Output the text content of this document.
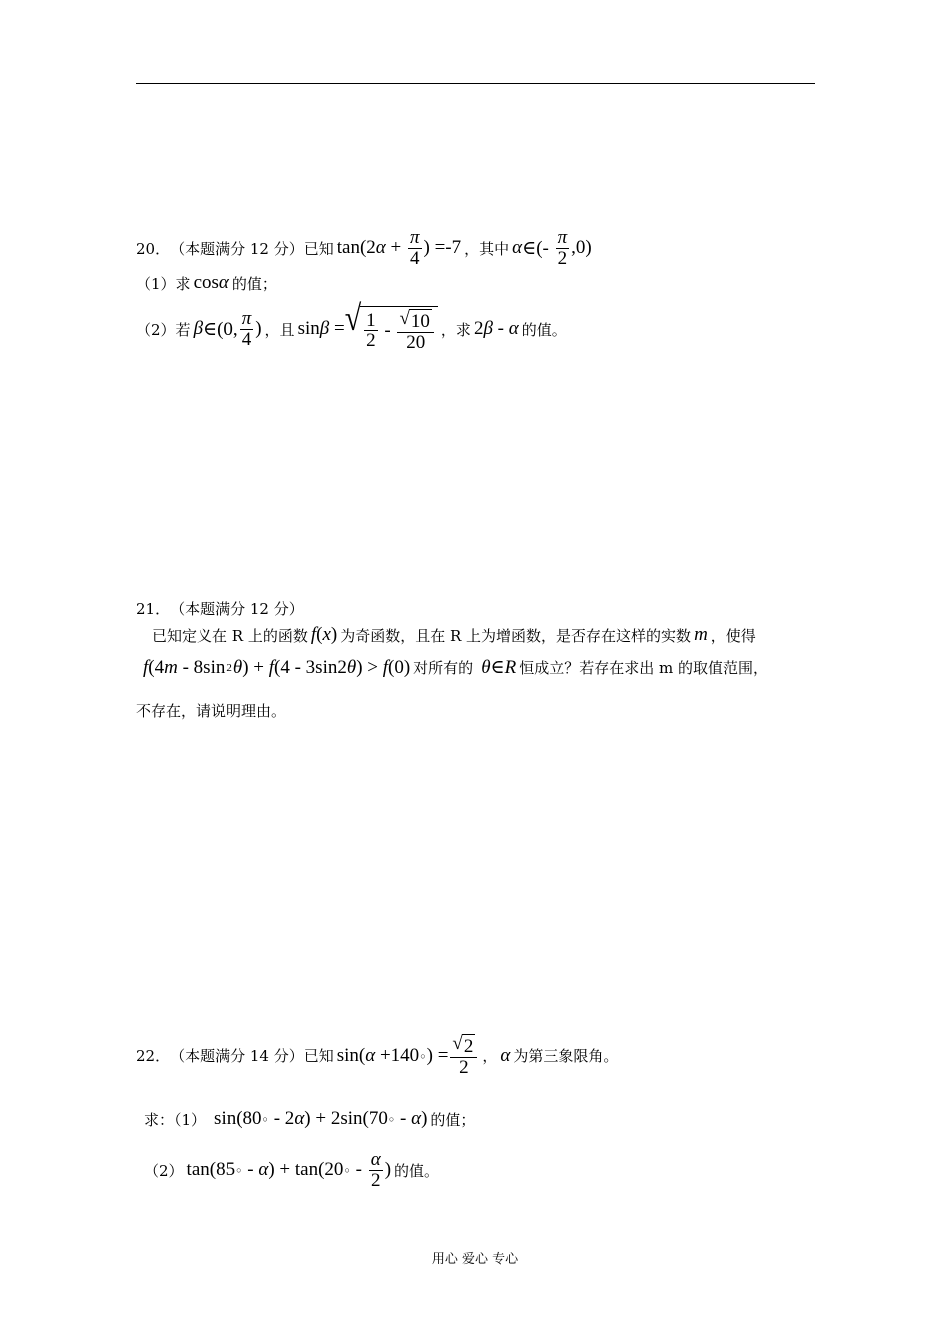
20． （本题满分 12 分） 已知 tan(2 $\alpha + \frac{\pi}{4}$ ) =-7 ，其中 α ∈(- $\frac{\pi}{2} ,0$)
（1） 求 cos α 的值；
（2） 若 β ∈(0, $\frac{\pi}{4}$ ) ，且 sin β = √ $\frac{1}{2} - \frac{√ 10}{20}$ ，求 2 β - α 的值。
21． （本题满分 12 分）
已知定义在 R 上的函数 f ( x ) 为奇函数，且在 R 上为增函数，是否存在这样的实数 m ，使得
f (4 m - 8sin 2 θ ) + f (4 - 3sin2 θ ) > f (0) 对所有的 θ ∈ R 恒成立？若存在求出 m 的取值范围，
不存在，请说明理由。
22． （本题满分 14 分） 已知 sin( α +140 ○ ) = $\frac{√ 2}{2}$ ， α 为第三象限角。
求：（1） sin(80 ○ - 2 α ) + 2sin(70 ○ - α ) 的值；
（2） tan(85 ○ - α ) + tan(20 ○ - $\frac{\alpha}{2}$ ) 的值。
用心 爱心 专心
